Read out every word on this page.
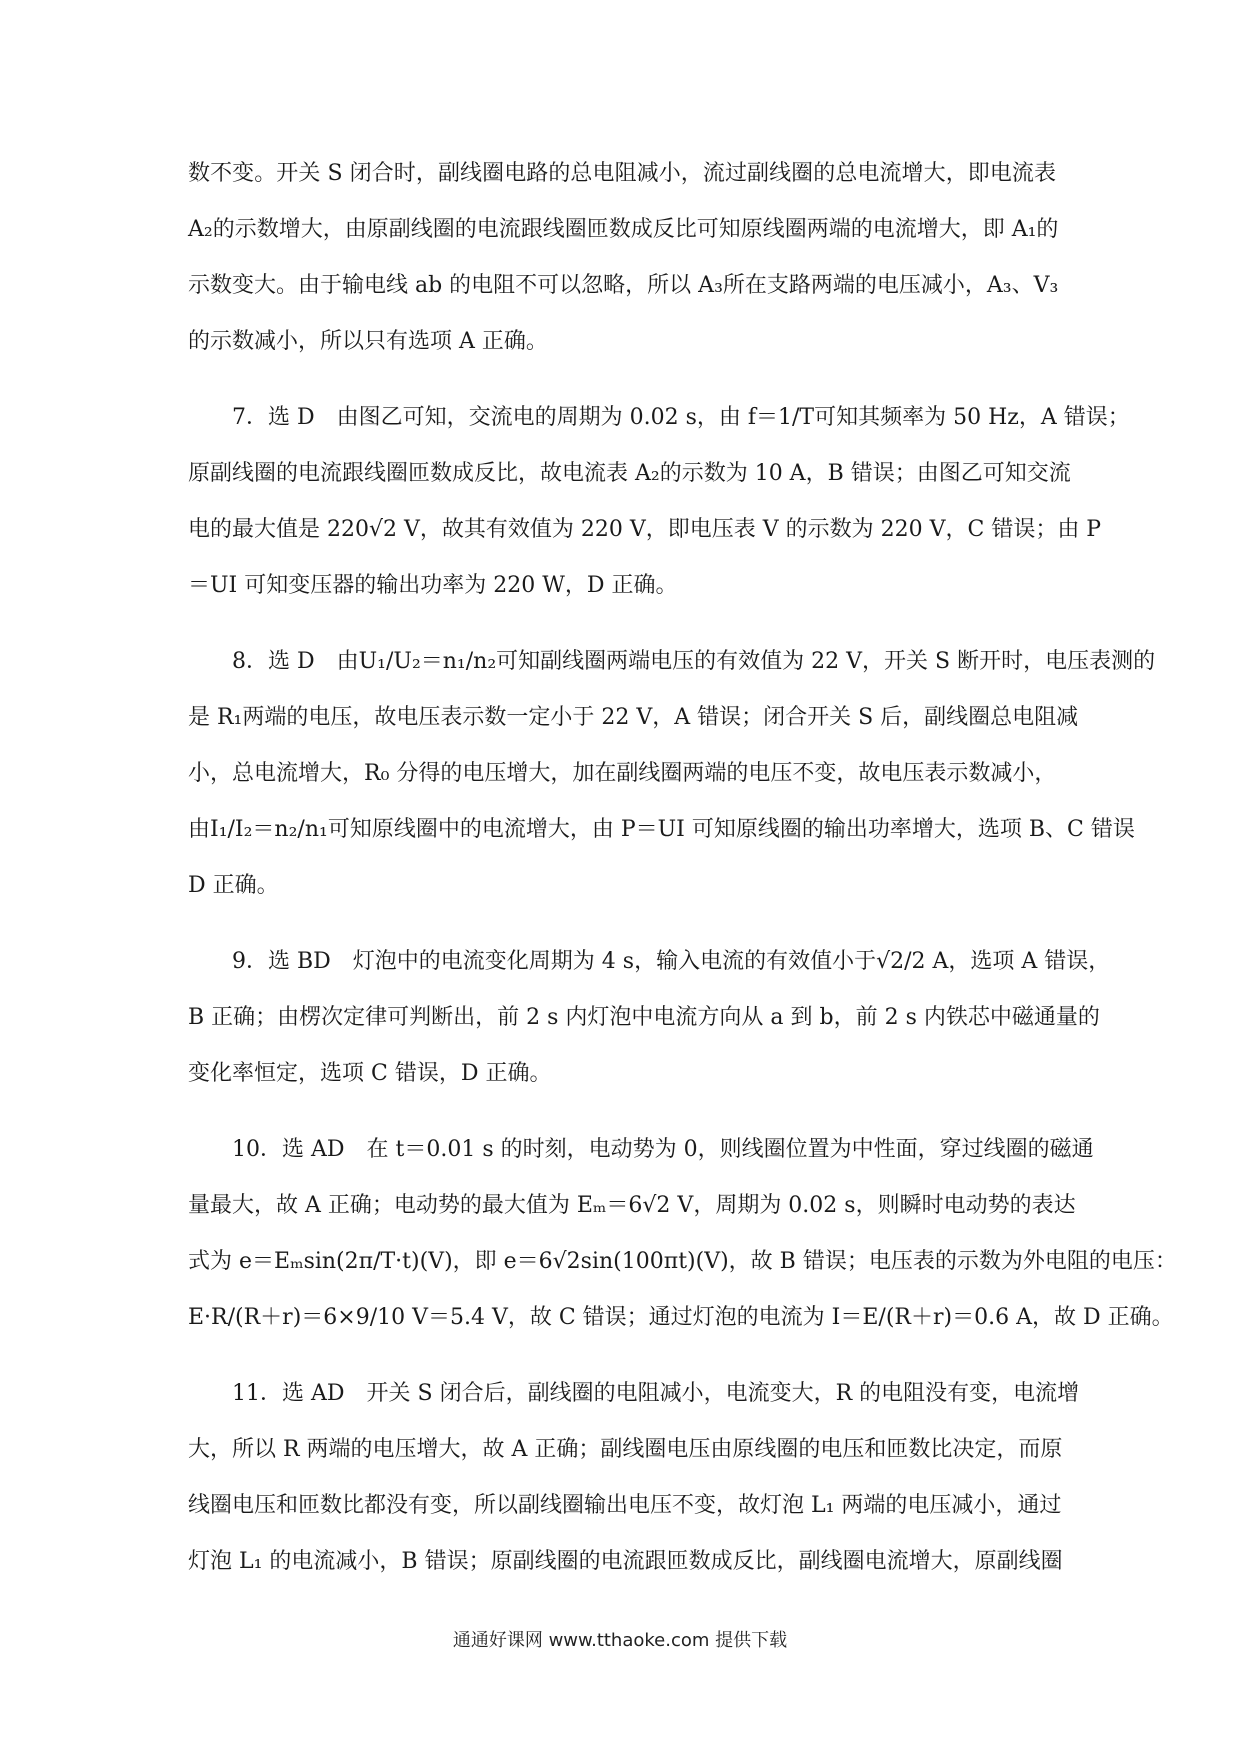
数不变。开关 S 闭合时，副线圈电路的总电阻减小，流过副线圈的总电流增大，即电流表
A₂的示数增大，由原副线圈的电流跟线圈匝数成反比可知原线圈两端的电流增大，即 A₁的
示数变大。由于输电线 ab 的电阻不可以忽略，所以 A₃所在支路两端的电压减小，A₃、V₃
的示数减小，所以只有选项 A 正确。
7．选 D　由图乙可知，交流电的周期为 0.02 s，由 f＝1/T可知其频率为 50 Hz，A 错误；
原副线圈的电流跟线圈匝数成反比，故电流表 A₂的示数为 10 A，B 错误；由图乙可知交流
电的最大值是 220√2 V，故其有效值为 220 V，即电压表 V 的示数为 220 V，C 错误；由 P
＝UI 可知变压器的输出功率为 220 W，D 正确。
8．选 D　由U₁/U₂＝n₁/n₂可知副线圈两端电压的有效值为 22 V，开关 S 断开时，电压表测的
是 R₁两端的电压，故电压表示数一定小于 22 V，A 错误；闭合开关 S 后，副线圈总电阻减
小，总电流增大，R₀ 分得的电压增大，加在副线圈两端的电压不变，故电压表示数减小，
由I₁/I₂＝n₂/n₁可知原线圈中的电流增大，由 P＝UI 可知原线圈的输出功率增大，选项 B、C 错误
D 正确。
9．选 BD　灯泡中的电流变化周期为 4 s，输入电流的有效值小于√2/2 A，选项 A 错误，
B 正确；由楞次定律可判断出，前 2 s 内灯泡中电流方向从 a 到 b，前 2 s 内铁芯中磁通量的
变化率恒定，选项 C 错误，D 正确。
10．选 AD　在 t＝0.01 s 的时刻，电动势为 0，则线圈位置为中性面，穿过线圈的磁通
量最大，故 A 正确；电动势的最大值为 Eₘ＝6√2 V，周期为 0.02 s，则瞬时电动势的表达
式为 e＝Eₘsin(2π/T·t)(V)，即 e＝6√2sin(100πt)(V)，故 B 错误；电压表的示数为外电阻的电压：
E·R/(R＋r)＝6×9/10 V＝5.4 V，故 C 错误；通过灯泡的电流为 I＝E/(R＋r)＝0.6 A，故 D 正确。
11．选 AD　开关 S 闭合后，副线圈的电阻减小，电流变大，R 的电阻没有变，电流增
大，所以 R 两端的电压增大，故 A 正确；副线圈电压由原线圈的电压和匝数比决定，而原
线圈电压和匝数比都没有变，所以副线圈输出电压不变，故灯泡 L₁ 两端的电压减小，通过
灯泡 L₁ 的电流减小，B 错误；原副线圈的电流跟匝数成反比，副线圈电流增大，原副线圈
通通好课网 www.tthaoke.com 提供下载
